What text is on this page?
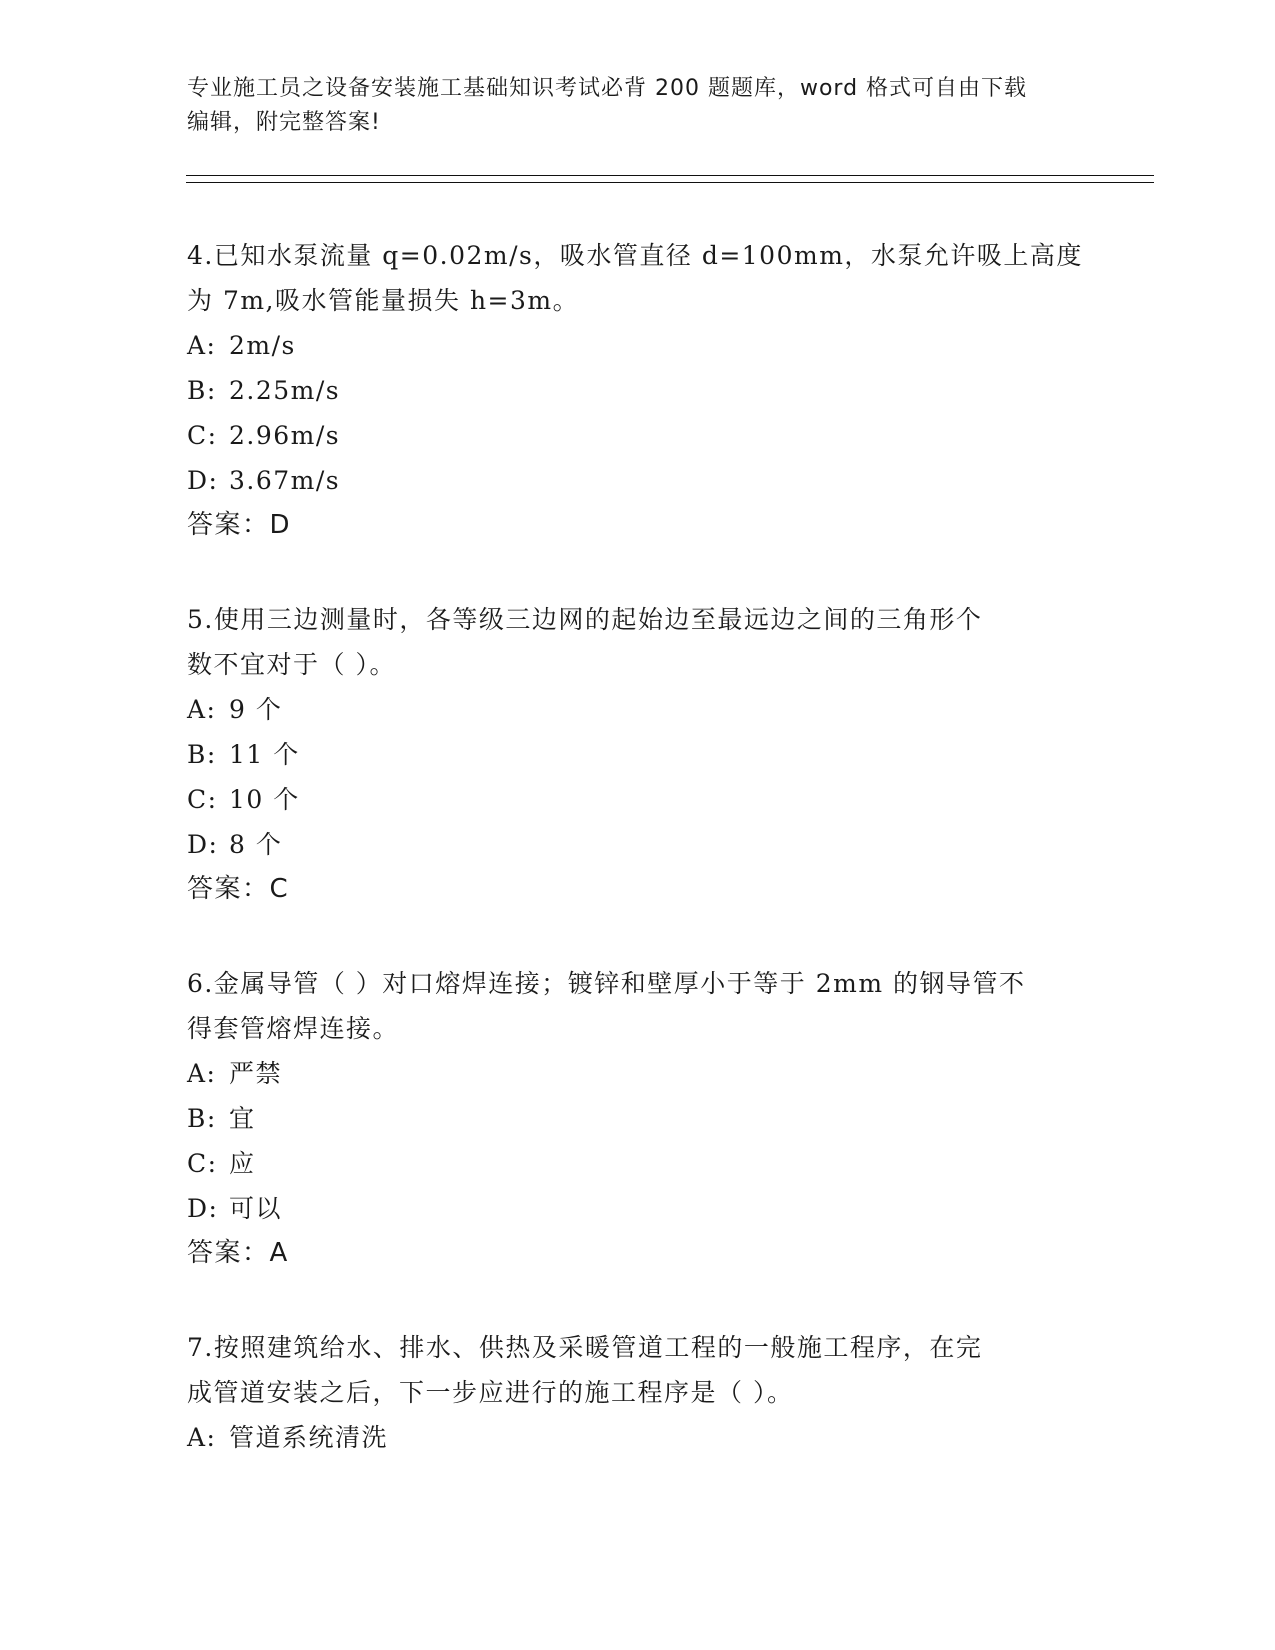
专业施工员之设备安装施工基础知识考试必背 200 题题库，word 格式可自由下载
编辑，附完整答案!

4.已知水泵流量 q=0.02m/s，吸水管直径 d=100mm，水泵允许吸上高度

为 7m,吸水管能量损失 h=3m。

A: 2m/s

B: 2.25m/s

C: 2.96m/s

D: 3.67m/s

答案：D

5.使用三边测量时，各等级三边网的起始边至最远边之间的三角形个

数不宜对于（ ）。

A: 9 个

B: 11 个

C: 10 个

D: 8 个

答案：C

6.金属导管（ ）对口熔焊连接；镀锌和壁厚小于等于 2mm 的钢导管不

得套管熔焊连接。

A: 严禁

B: 宜

C: 应

D: 可以

答案：A

7.按照建筑给水、排水、供热及采暖管道工程的一般施工程序，在完

成管道安装之后，下一步应进行的施工程序是（ ）。

A: 管道系统清洗
